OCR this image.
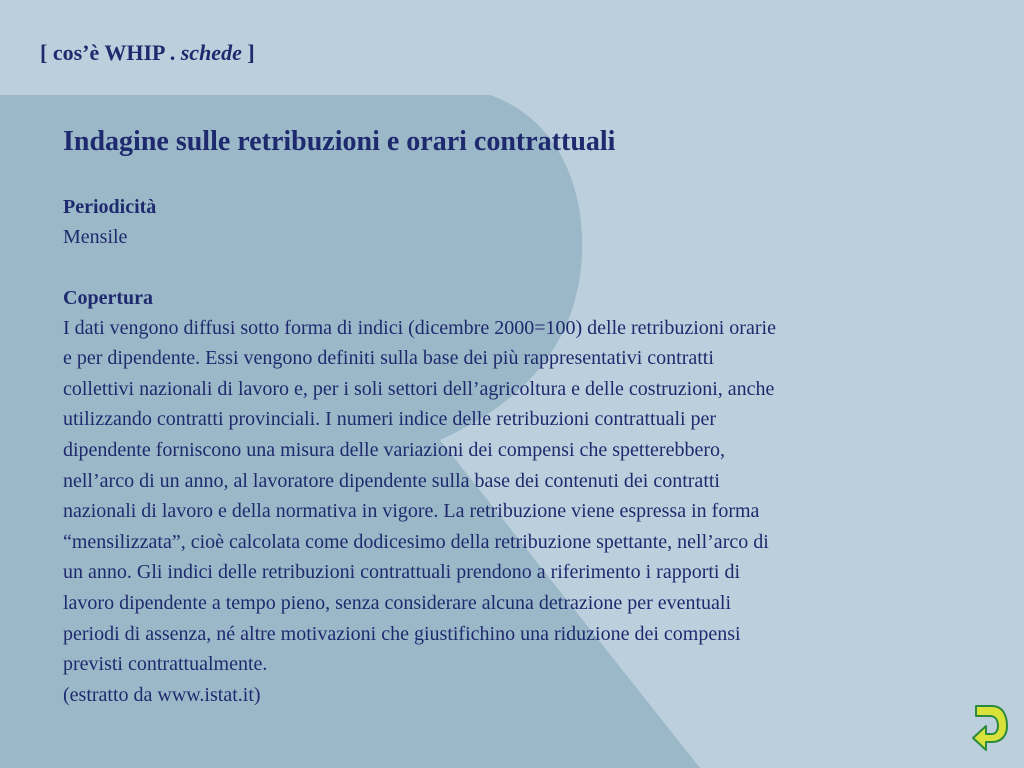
[ cos’è WHIP . schede ]
Indagine sulle retribuzioni e orari contrattuali
Periodicità
Mensile
Copertura
I dati vengono diffusi sotto forma di indici (dicembre 2000=100) delle retribuzioni orarie
e per dipendente. Essi vengono definiti sulla base dei più rappresentativi contratti
collettivi nazionali di lavoro e, per i soli settori dell’agricoltura e delle costruzioni, anche
utilizzando contratti provinciali. I numeri indice delle retribuzioni contrattuali per
dipendente forniscono una misura delle variazioni dei compensi che spetterebbero,
nell’arco di un anno, al lavoratore dipendente sulla base dei contenuti dei contratti
nazionali di lavoro e della normativa in vigore. La retribuzione viene espressa in forma
“mensilizzata”, cioè calcolata come dodicesimo della retribuzione spettante, nell’arco di
un anno. Gli indici delle retribuzioni contrattuali prendono a riferimento i rapporti di
lavoro dipendente a tempo pieno, senza considerare alcuna detrazione per eventuali
periodi di assenza, né altre motivazioni che giustifichino una riduzione dei compensi
previsti contrattualmente.
(estratto da www.istat.it)
